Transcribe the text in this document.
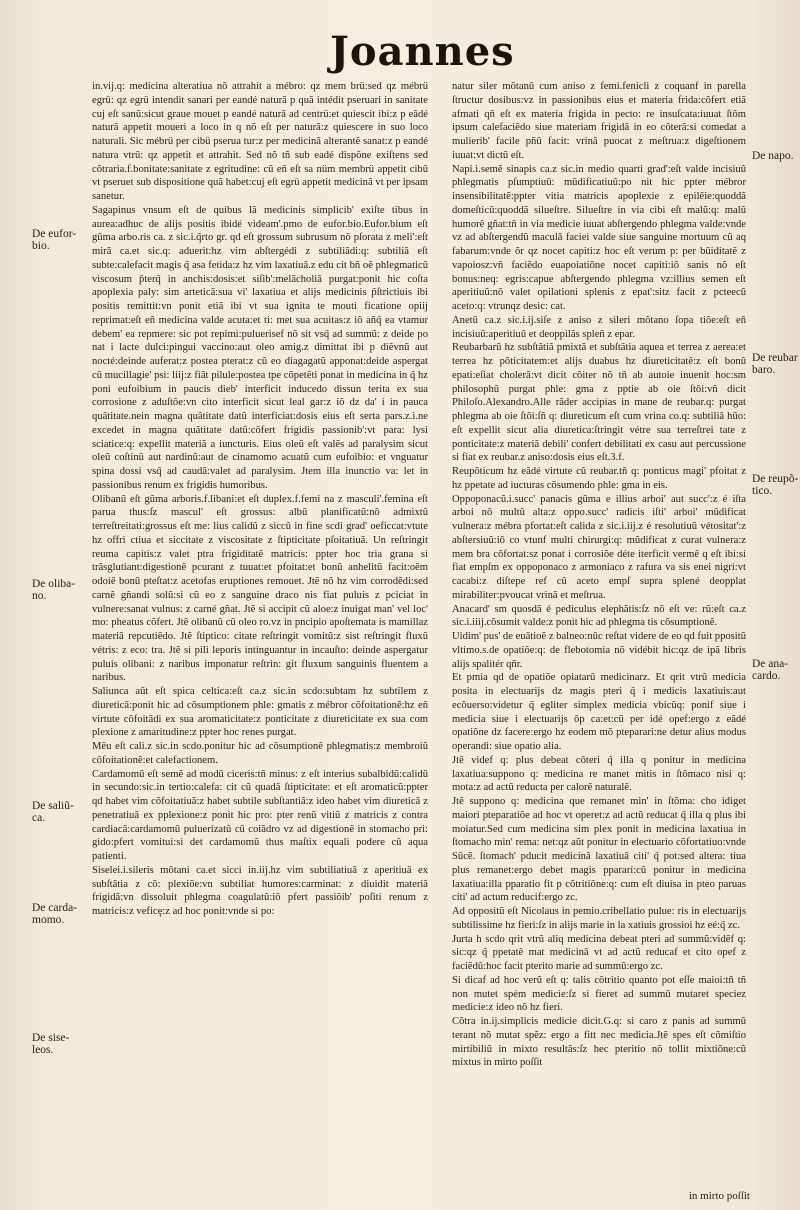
Joannes

in.vij.q: medicina alteratiua nõ attrahit a mébro: qz mem brü:sed qz mébrü egrü: qz egrü intendit sanari per eandé naturã p quã intédit pseruari in sanitate cuj eſt sanũ:sicut graue mouet p eandé naturã ad centrü:et quiescit ibi:z p eãdé naturã appetit moueri a loco in q nõ eſt per naturã:z quiescere in suo loco naturali. Sic mébrü per cibü pserua tur:z per medicinã alterantẽ sanat:z p eandé natura vtrũ: qz appetit et attrahit. Sed nõ tñ sub eadé dispõne exiſtens sed cõtraria.f.bonitate:sanitate z egritudine: cũ eñ eſt sa nüm membrü appetit cibũ vt pseruet sub dispositione quã habet:cuj eſt egrü appetit medicinã vt per ipsam sanetur.

Sagapinus vnsum eſt de quibus lã medicinis simplicib' exiſte tibus in aurea:adhuc de alijs positis ibidé videam'.pmo de eufor.bio.Eufor.bium eſt gũma arbo.ris ca. z sic.i.q̃rto gr. qd eſt grossum subrusum nõ pſorata z meli':eſt mirã ca.et sic.q: aduerit:hz vim abſtergédi z subtiliãdi:q: subtiliã eſt subte:calefacit magis q̃ asa fetida:z hz vim laxatiuã.z edu cit bñ oẽ phlegmaticũ viscosum p̃terq̃ in anchis:dosis:et siſib':melãcholiã purgat:ponit hic coſta apoplexia paly: sim arteticã:sua vi' laxatiua et alijs medicinis p̃ſtrictiuis ibi positis remittit:vn ponit etiã ibi vt sua ignita te mouti ficatione opiij reprimat:eſt eñ medicina valde acuta:et ti: met sua acuitas:z iõ añq̃ ea vtamur debem' ea repmere: sic pot repimi:puluerisef nõ sit vsq̃ ad summũ: z deide po nat i lacte dulci:pingui vaccino:aut oleo amig.z dimittat ibi p diẽvnũ aut nocté:deinde auferat:z postea pterat:z cũ eo diagagatũ apponat:deide aspergat cũ mucillagie' psi: liij:z fiãt pilule:postea tpe cõpetẽti ponat in medicina in q̃ hz poni eufoibium in paucis dieb' interficit inducedo dissun terita ex sua corrosione z aduſtõe:vn cito interficit sicut leal gar:z iõ dz da' i in pauca quãtitate.nein magna quãtitate datũ interficiat:dosis eius eſt serta pars.z.i.ne excedet in magna quãtitate datũ:cõfert frigidis passionib':vt para: lysi sciatice:q: expellit materiã a iuncturis. Eius oleũ eſt valẽs ad paralysim sicut oleũ coſtinũ aut nardinũ:aut de cinamomo acuatũ cum eufoibio: et vnguatur spina dossi vsq̃ ad caudã:valet ad paralysim. Jtem illa inunctio va: let in passionibus renum ex frigidis humoribus.

Olibanũ eſt gũma arboris.f.libani:et eſt duplex.f.femi na z masculi'.femina eſt parua thus:ſz mascul' eſt grossus: albũ planificatũ:nõ admixtũ terreſtreitati:grossus eſt me: lius calidũ z siccũ in fine scdi grad' oeficcat:vtute hz offri ctiua et siccitate z viscositate z ſtipticitate pſoitatiuã. Un reſtringit reuma capitis:z valet ptra frigiditatẽ matricis: ppter hoc tria grana si trãsglutiant:digestionẽ pcurant z tuuat:et pfoitat:et bonũ anhelitũ facit:oẽm odoiẽ bonũ pteſtat:z acetofas eruptiones remouet. Jtẽ nõ hz vim corrodẽdi:sed carnẽ gñandi solũ:si cũ eo z sanguine draco nis fiat puluis z pciciat in vulnere:sanat vulnus: z carné gñat. Jtẽ si accipit cũ aloe:z inuigat man' vel loc' mo: pheatus cõfert. Jtẽ olibanũ cũ oleo ro.vz in pncipio apoſtemata is mamillaz materiã repcutiẽdo. Jtẽ ſtiptico: citate reſtringit vomitũ:z sist reſtringit fluxũ vétris: z eco: tra. Jtẽ si pili leporis intinguantur in incauſto: deinde aspergatur puluis olibani: z naribus imponatur reſtrin: git fluxum sanguinis fluentem a naribus.

Saliunca aũt eſt spica celtica:eſt ca.z sic.in scdo:subtam hz subtilem z diureticã:ponit hic ad cõsumptionem phle: gmatis z mébror cõfoitationẽ:hz eñ virtute cõfoitãdi ex sua aromaticitate:z ponticitate z diureticitate ex sua com plexione z amaritudine:z ppter hoc renes purgat.

Mẽu eſt cali.z sic.in scdo.ponitur hic ad cõsumptionẽ phlegmatis:z membroiũ cõfoitationẽ:et calefactionem.

Cardamomũ eſt semẽ ad modũ ciceris:tñ minus: z eſt interius subalbidũ:calidũ in secundo:sic.in tertio:calefa: cit cũ quadã ſtipticitate: et eſt aromaticũ:ppter qd habet vim cõfoitatiuã:z habet subtile subſtantiã:z ideo habet vim diureticã z penetratiuã ex pplexione:z ponit hic pro: pter renũ vitiũ z matricis z contra cardiacã:cardamomũ puluerizatũ cũ coiãdro vz ad digestionẽ in stomacho pri: gido:pfert vomitui:si det cardamomũ thus maſtix equali podere cũ aqua patienti.

Siselei.i.sileris mõtani ca.et sicci in.iij.hz vim subtiliatiuã z aperitiuã ex subſtãtia z cõ: plexiõe:vn subtiliat humores:carminat: z diuidit materiã frigidã:vn dissoluit phlegma coagulatũ:iõ pfert passiõib' poſiti renum z matricis:z veficę:z ad hoc ponit:vnde si po:

natur siler mõtanũ cum aniso z femi.fenicli z coquanf in parella ſtructur dosibus:vz in passionibus eius et materia frida:cõfert etiã afmati qñ eſt ex materia frigida in pecto: re insuſcata:iuuat ſtõm ipsum calefaciẽdo siue materiam frigidã in eo cõterã:si comedat a mulierib' facile pñũ facit: vrinã puocat z meſtrua:z digeſtionem iuuat:vt dictũ eſt.

Napi.i.semẽ sinapis ca.z sic.in medio quarti grad':eſt valde incisiuũ phlegmatis pſumptiuũ: mũdificatiuũ:po nit hic ppter mébror insensibilitatẽ:ppter vitia matricis apoplexie z epilẽie:quoddã domeſticũ:quoddã silueſtre. Silueſtre in via cibi eſt malũ:q: malũ humorẽ gñat:tñ in via medicie iuuat abſtergendo phlegma valde:vnde vz ad abſtergendũ maculã faciei valde siue sanguine mortuum cũ aq fabarum:vnde õr qz nocet capiti:z hoc eſt verum p: per bũiditatẽ z vapoiosz:vñ faciẽdo euapoiatiõne nocet capiti:iõ sanis nõ eſt bonus:neq: egris:capue abſtergendo phlegma vz:illius semen eſt aperitiuũ:nõ valet opilationi splenis z epat':sitz facit z pcteecũ aceto:q: vtrunqz desic: cat.

Anetũ ca.z sic.i.ij.siſe z aniso z sileri mõtano ſopa tiõe:eſt eñ incisiuũ:aperitiuũ et deoppilãs spleñ z epar.

Reubarbarũ hz subſtãtiã pmixtã et subſtãtia aquea et terrea z aerea:et terrea hz põticitatem:et alijs duabus hz diureticitatẽ:z eſt bonũ epati:eſiat cholerã:vt dicit cõiter nõ tñ ab autoie inuenit hoc:sm philosophũ purgat phle: gma z pptie ab oie ſtõi:vñ dicit Philoſo.Alexandro.Alle rãder accipias in mane de reubar.q: purgat phlegma ab oie ſtõi:ſñ q: diureticum eſt cum vrina co.q: subtiliã hũo: eſt expellit sicut alia diuretica:ſtringit vétre sua terreſtrei tate z ponticitate:z materiã debili' confert debilitati ex casu aut percussione si fiat ex reubar.z aniso:dosis eius eſt.3.f.

Reupõticum hz eãdé virtute cũ reubar.tñ q: ponticus magi' pfoitat z hz ppetate ad iucturas cõsumendo phle: gma in eis.

Oppoponacũ.i.succ' panacis gũma e illius arboi' aut succ':z é iſta arboi nõ multũ alta:z oppo.succ' radicis iſti' arboi' mũdificat vulnera:z mébra pfortat:eſt calida z sic.i.iij.z é resolutiuũ vétositat':z abſtersiuũ:iõ co vtunf multi chirurgi:q: mũdificat z curat vulnera:z mem bra cõfortat:sz ponat i corrosiõe déte iterficit vermẽ q eſt ibi:si fiat empſm ex oppoponaco z armoniaco z rafura va sis enei nigri:vt cacabi:z diſtepe ref cũ aceto empſ supra splené deopplat mirabiliter:pvoucat vrinã et meſtrua.

Anacard' sm quosdã é pediculus elephãtis:ſz nõ eſt ve: rũ:eſt ca.z sic.i.iiij.cõsumit valde:z ponit hic ad phlegma tis cõsumptionẽ.

Uidim' pus' de euãtioẽ z balneo:nũc reſtat videre de eo qd fuit ppositũ vltimo.s.de opatiõe:q: de flebotomia nõ vidébit hic:qz de ipã libris alijs spalitér qñr.

Et pmia qd de opatiõe opiatarũ medicinarz. Et qrit vtrũ medicia posita in electuarijs dz magis pteri q̃ i medicis laxatiuis:aut ecõuerso:videtur q̃ egliter simplex medicia vbicũq: ponif siue i medicia siue i electuarijs õp ca:et:cũ per idé opef:ergo z eãdé opatiõne dz facere:ergo hz eodem mõ pteparari:ne detur alius modus operandi: siue opatio alia.

Jtẽ videf q: plus debeat cõteri q̃ illa q ponitur in medicina laxatiua:suppono q: medicina re manet mitis in ſtõmaco nisi q: mota:z ad actũ reducta per calorẽ naturalẽ.

Jtẽ suppono q: medicina que remanet min' in ſtõma: cho idiget maiori pteparatiõe ad hoc vt operet:z ad actũ reducat q̃ illa q plus ibi moiatur.Sed cum medicina sim plex ponit in medicina laxatiua in ſtomacho min' rema: net:qz aũt ponitur in electuario cõfortatiuo:vnde Sũcẽ. ſtomach' pducit medicinã laxatiuã citi' q̃ pot:sed altera: tiua plus remanet:ergo debet magis ppararí:cũ ponitur in medicina laxatiua:illa pparatio fit p cõtritiõne:q: cum eſt diuisa in pteo paruas citi' ad actum reducif:ergo zc.

Ad oppositũ eſt Nicolaus in pemio.cribellatio pulue: ris in electuarijs subtilissime hz fieri:ſz in alijs marie in la xatiuis grossioi hz eé:q̃ zc.

Jurta h scdo qrit vtrũ aliq medicina debeat pteri ad summũ:vidẽf q: sic:qz q̃ ppetatẽ mat medicinã vt ad actũ reducaf et cito opef z faciẽdũ:hoc facit pterito marie ad summũ:ergo zc.

Si dicaf ad hoc verũ eſt q: talis cõtritio quanto pot eſſe maioi:tñ tñ non mutet spém medicie:ſz si fieret ad summũ mutaret speciez medicie:z ideo nõ hz fieri.

Cõtra in.ij.simplicis medicie dicit.G.q: si caro z panis ad summũ terant nõ mutat spẽz: ergo a fitt nec medicia.Jtẽ spes eſt cõmiſtio mirtibiliũ in mixto resultãs:ſz hec pteritio nõ tollit mixtiõne:cũ mixtus in mirto poſſit

De eufor-
bio.
De oliba-
no.
De saliũ-
ca.
De carda-
momo.
De sise-
leos.
De napo.
De reubar
baro.
De reupõ-
tico.
De ana-
cardo.
in mirto poſſit
